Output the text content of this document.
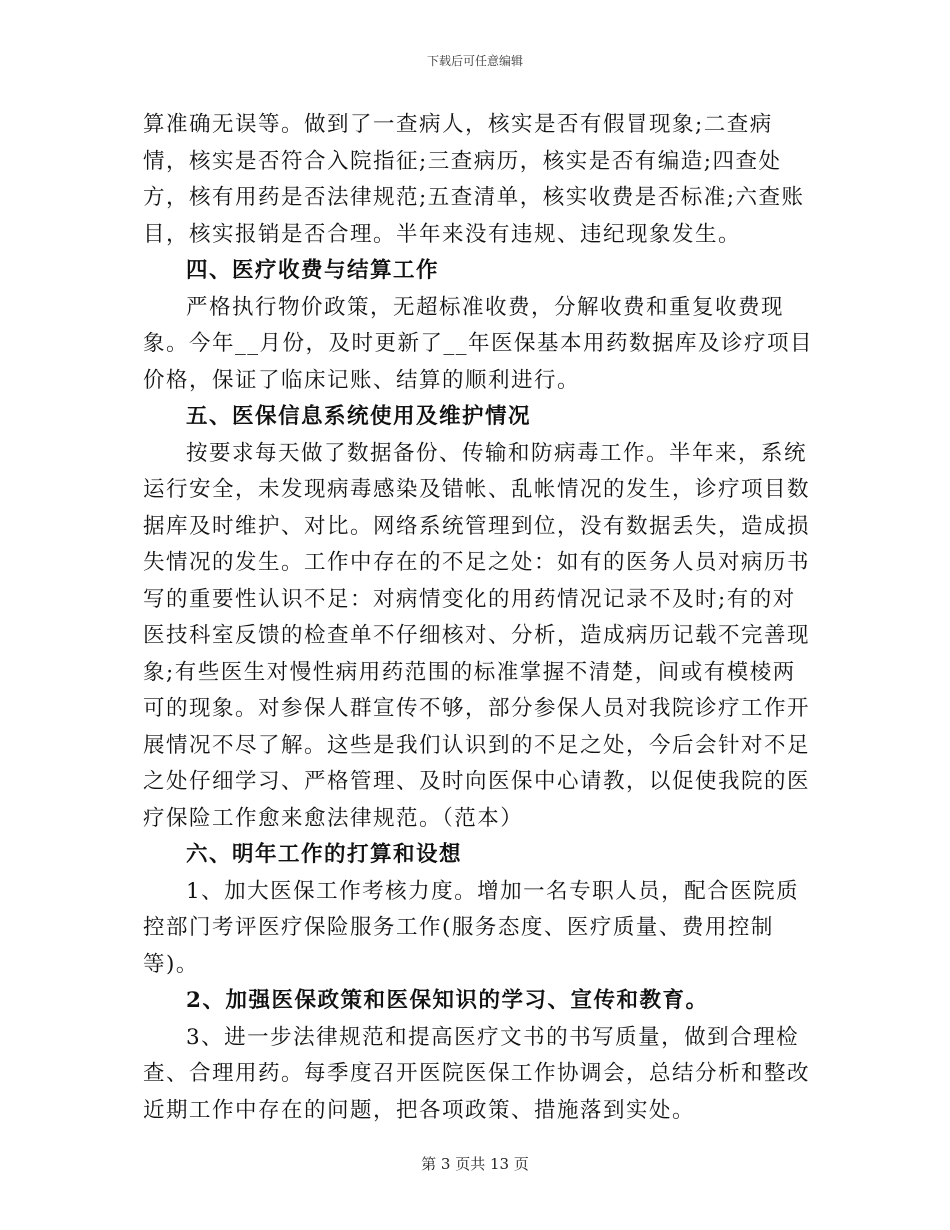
下载后可任意编辑

算准确无误等。做到了一查病人，核实是否有假冒现象;二查病情，核实是否符合入院指征;三查病历，核实是否有编造;四查处方，核有用药是否法律规范;五查清单，核实收费是否标准;六查账目，核实报销是否合理。半年来没有违规、违纪现象发生。

四、医疗收费与结算工作

严格执行物价政策，无超标准收费，分解收费和重复收费现象。今年__月份，及时更新了__年医保基本用药数据库及诊疗项目价格，保证了临床记账、结算的顺利进行。

五、医保信息系统使用及维护情况

按要求每天做了数据备份、传输和防病毒工作。半年来，系统运行安全，未发现病毒感染及错帐、乱帐情况的发生，诊疗项目数据库及时维护、对比。网络系统管理到位，没有数据丢失，造成损失情况的发生。工作中存在的不足之处：如有的医务人员对病历书写的重要性认识不足：对病情变化的用药情况记录不及时;有的对医技科室反馈的检查单不仔细核对、分析，造成病历记载不完善现象;有些医生对慢性病用药范围的标准掌握不清楚，间或有模棱两可的现象。对参保人群宣传不够，部分参保人员对我院诊疗工作开展情况不尽了解。这些是我们认识到的不足之处，今后会针对不足之处仔细学习、严格管理、及时向医保中心请教，以促使我院的医疗保险工作愈来愈法律规范。（范本）

六、明年工作的打算和设想

1、加大医保工作考核力度。增加一名专职人员，配合医院质控部门考评医疗保险服务工作(服务态度、医疗质量、费用控制等)。

2、加强医保政策和医保知识的学习、宣传和教育。

3、进一步法律规范和提高医疗文书的书写质量，做到合理检查、合理用药。每季度召开医院医保工作协调会，总结分析和整改近期工作中存在的问题，把各项政策、措施落到实处。

第 3 页共 13 页
